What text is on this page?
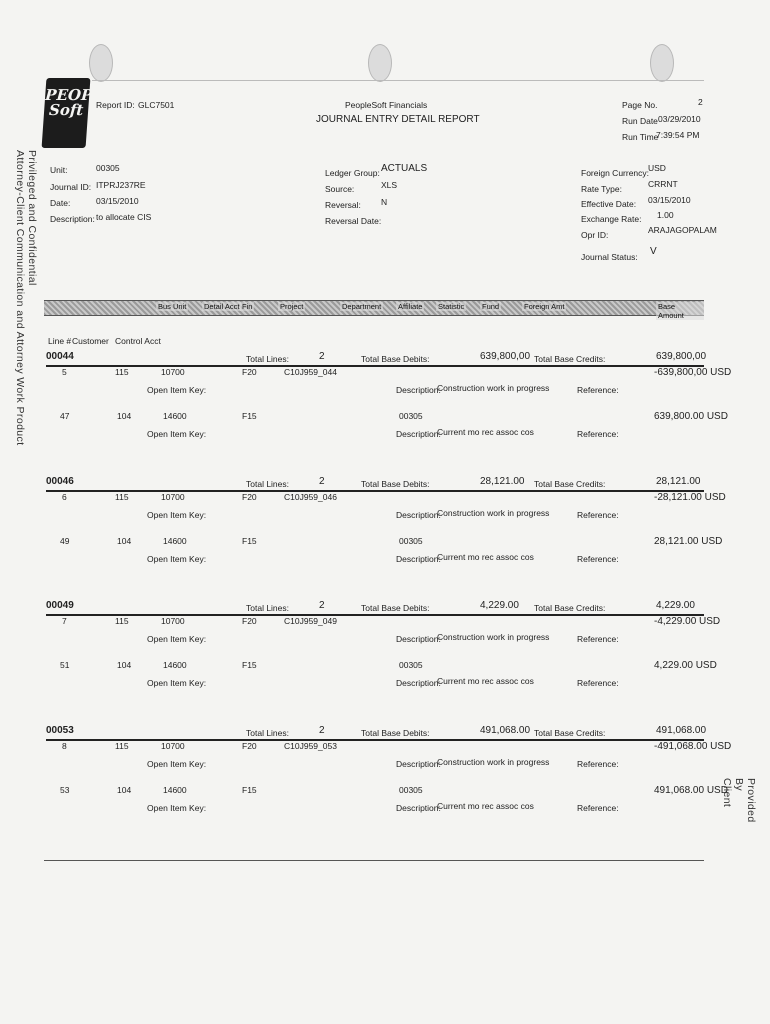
PEOPLE
Soft	Report ID: GLC7501	PeopleSoft Financials
JOURNAL ENTRY DETAIL REPORT
Page No.	2
Run Date 03/29/2010
Run Time
7:39:54 PM
Unit:	00305
Journal ID: ITPRJ237RE
Date:	03/15/2010
Description: to allocate CIS
Ledger Group: ACTUALS
Source:	XLS
Reversal: N
Reversal Date:
Foreign Currency:
USD
Rate Type:	CRRNT
Effective Date: 03/15/2010
Exchange Rate: 1.00
Opr ID:	ARAJAGOPALAM
Journal Status: V
Bus Unit Detail Acct Fin	Project	Department Affiliate Statistic Fund	Foreign Amt	Base Amount
Line # Customer Control Acct
00044	Total Lines:	2	Total Base Debits:	639,800,00 Total Base Credits:	639,800,00
5	115	10700	F20	C10J959_044	-639,800,00 USD
Open Item Key:	Description:
Construction work in progress	Reference:
47	104	14600	F15	00305	639,800.00 USD
Open Item Key:	Description:
Current mo rec assoc cos	Reference:
00046	Total Lines:	2	Total Base Debits:	28,121.00 Total Base Credits:	28,121.00
6	115	10700	F20	C10J959_046	-28,121.00 USD
Open Item Key:	Description:
Construction work in progress	Reference:
49	104	14600	F15	00305	28,121.00 USD
Open Item Key:	Description:
Current mo rec assoc cos	Reference:
00049	Total Lines:	2	Total Base Debits:	4,229.00 Total Base Credits:	4,229.00
7	115	10700	F20	C10J959_049	-4,229.00 USD
Open Item Key:	Description:
Construction work in progress	Reference:
51	104	14600	F15	00305	4,229.00 USD
Open Item Key:	Description:
Current mo rec assoc cos	Reference:
00053	Total Lines:	2	Total Base Debits:	491,068.00 Total Base Credits:	491,068.00
8	115	10700	F20	C10J959_053	-491,068.00 USD
Open Item Key:	Description:
Construction work in progress	Reference:
53	104	14600	F15	00305	491,068.00 USD
Open Item Key:	Description:
Current mo rec assoc cos	Reference:
Privileged and Confidential
Attorney-Client Communication and Attorney Work Product
Provided By Client
